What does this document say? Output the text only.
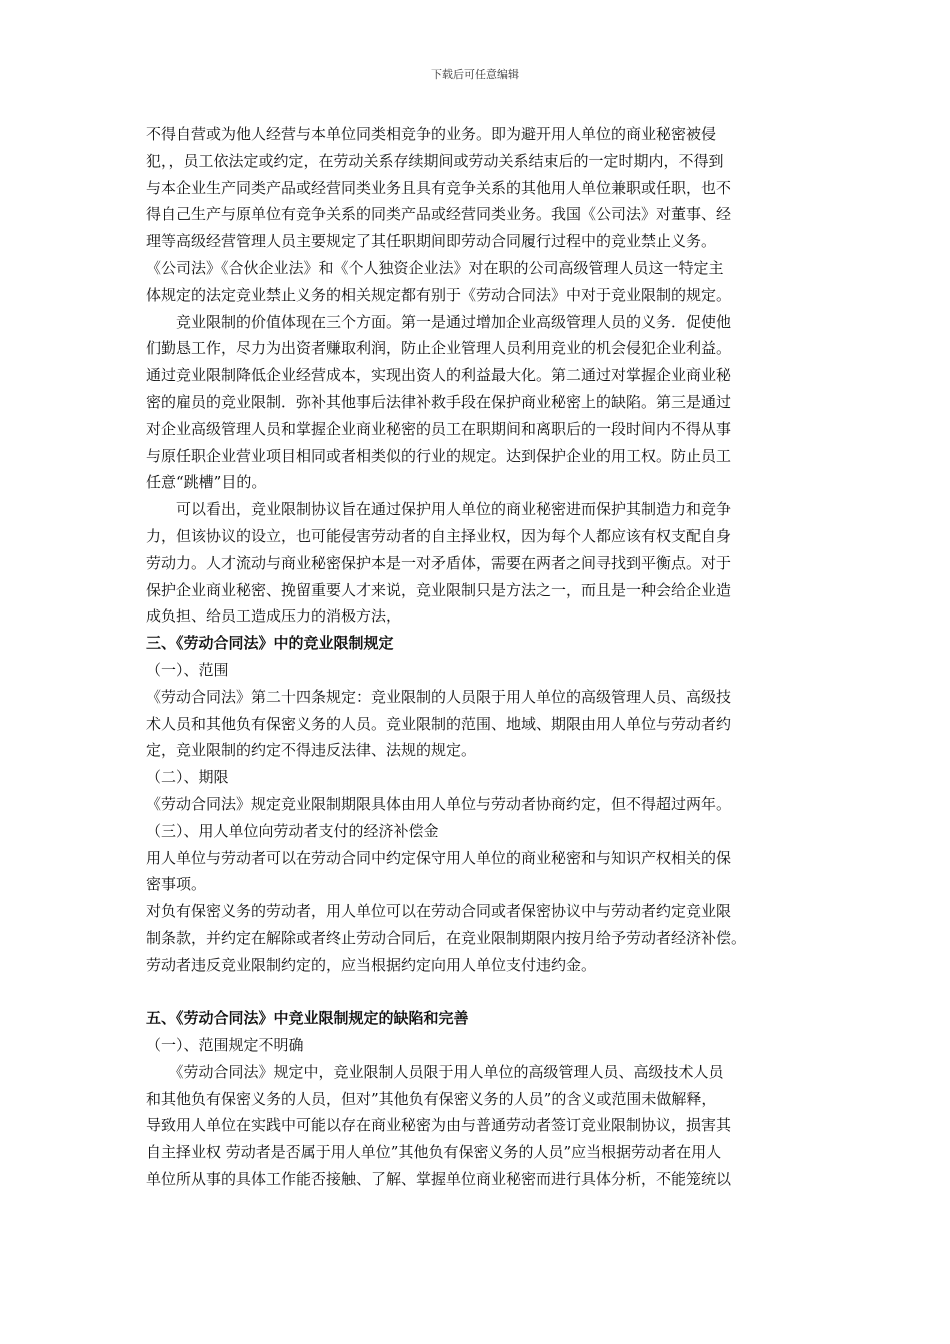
下载后可任意编辑
不得自营或为他人经营与本单位同类相竞争的业务。即为避开用人单位的商业秘密被侵
犯，，员工依法定或约定，在劳动关系存续期间或劳动关系结束后的一定时期内，不得到
与本企业生产同类产品或经营同类业务且具有竞争关系的其他用人单位兼职或任职，也不
得自己生产与原单位有竞争关系的同类产品或经营同类业务。我国《公司法》对董事、经
理等高级经营管理人员主要规定了其任职期间即劳动合同履行过程中的竞业禁止义务。
《公司法》《合伙企业法》和《个人独资企业法》对在职的公司高级管理人员这一特定主
体规定的法定竞业禁止义务的相关规定都有别于《劳动合同法》中对于竞业限制的规定。
　　竞业限制的价值体现在三个方面。第一是通过增加企业高级管理人员的义务．促使他
们勤恳工作，尽力为出资者赚取利润，防止企业管理人员利用竞业的机会侵犯企业利益。
通过竞业限制降低企业经营成本，实现出资人的利益最大化。第二通过对掌握企业商业秘
密的雇员的竞业限制．弥补其他事后法律补救手段在保护商业秘密上的缺陷。第三是通过
对企业高级管理人员和掌握企业商业秘密的员工在职期间和离职后的一段时间内不得从事
与原任职企业营业项目相同或者相类似的行业的规定。达到保护企业的用工权。防止员工
任意“跳槽”目的。
　　可以看出，竞业限制协议旨在通过保护用人单位的商业秘密进而保护其制造力和竞争
力，但该协议的设立，也可能侵害劳动者的自主择业权，因为每个人都应该有权支配自身
劳动力。人才流动与商业秘密保护本是一对矛盾体，需要在两者之间寻找到平衡点。对于
保护企业商业秘密、挽留重要人才来说，竞业限制只是方法之一，而且是一种会给企业造
成负担、给员工造成压力的消极方法，
三、《劳动合同法》中的竞业限制规定
（一）、范围
《劳动合同法》第二十四条规定：竞业限制的人员限于用人单位的高级管理人员、高级技
术人员和其他负有保密义务的人员。竞业限制的范围、地域、期限由用人单位与劳动者约
定，竞业限制的约定不得违反法律、法规的规定。
（二）、期限
《劳动合同法》规定竞业限制期限具体由用人单位与劳动者协商约定，但不得超过两年。
（三）、用人单位向劳动者支付的经济补偿金
用人单位与劳动者可以在劳动合同中约定保守用人单位的商业秘密和与知识产权相关的保
密事项。
对负有保密义务的劳动者，用人单位可以在劳动合同或者保密协议中与劳动者约定竞业限
制条款，并约定在解除或者终止劳动合同后，在竞业限制期限内按月给予劳动者经济补偿。
劳动者违反竞业限制约定的，应当根据约定向用人单位支付违约金。
五、《劳动合同法》中竞业限制规定的缺陷和完善
（一）、范围规定不明确
　　《劳动合同法》规定中，竞业限制人员限于用人单位的高级管理人员、高级技术人员
和其他负有保密义务的人员，但对”其他负有保密义务的人员”的含义或范围未做解释，
导致用人单位在实践中可能以存在商业秘密为由与普通劳动者签订竞业限制协议，损害其
自主择业权 劳动者是否属于用人单位”其他负有保密义务的人员”应当根据劳动者在用人
单位所从事的具体工作能否接触、了解、掌握单位商业秘密而进行具体分析，不能笼统以
